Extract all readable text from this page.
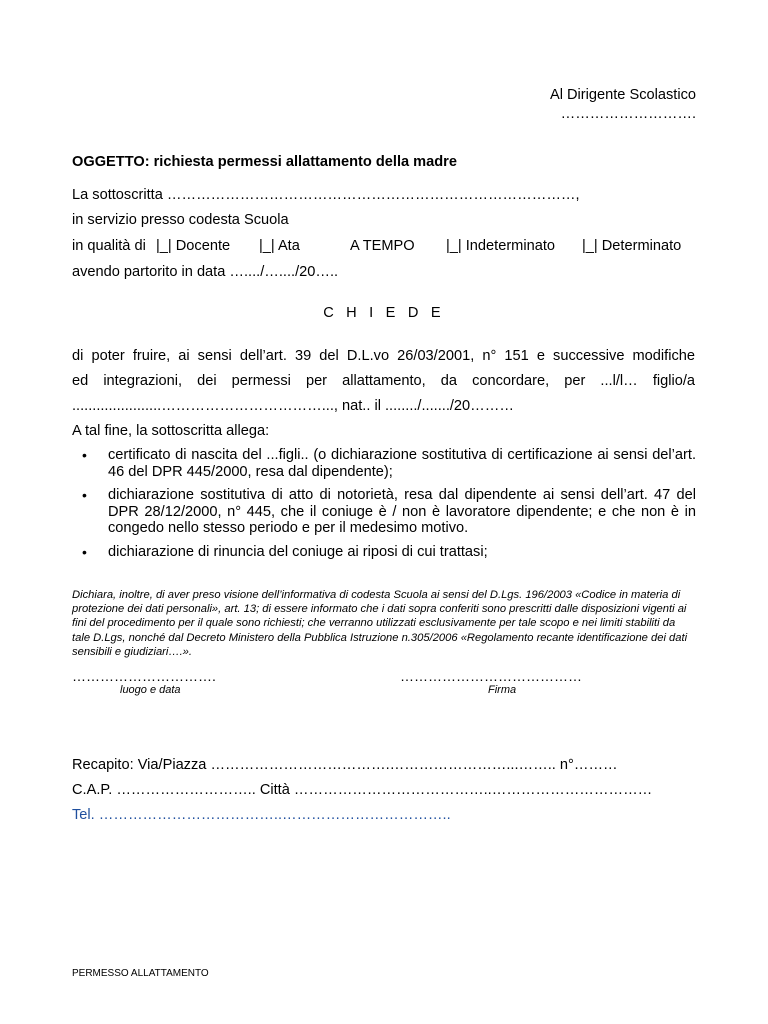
Al Dirigente Scolastico
……………………….
OGGETTO: richiesta permessi allattamento della madre
La sottoscritta …………………………………………………………………………,
in servizio presso codesta Scuola
in qualità di |_| Docente |_| Ata	A TEMPO |_| Indeterminato |_| Determinato
avendo partorito in data …..../…..../20…..
C H I E D E
di poter fruire, ai sensi dell’art. 39 del D.L.vo 26/03/2001, n° 151 e successive modifiche
ed integrazioni, dei permessi per allattamento, da concordare, per ...l/l… figlio/a
......................……………………………..., nat.. il ......../......./20………
A tal fine, la sottoscritta allega:
• certificato di nascita del ...figli.. (o dichiarazione sostitutiva di certificazione ai sensi del’art. 46 del DPR 445/2000, resa dal dipendente);
• dichiarazione sostitutiva di atto di notorietà, resa dal dipendente ai sensi dell’art. 47 del DPR 28/12/2000, n° 445, che il coniuge è / non è lavoratore dipendente; e che non è in congedo nello stesso periodo e per il medesimo motivo.
• dichiarazione di rinuncia del coniuge ai riposi di cui trattasi;
Dichiara, inoltre, di aver preso visione dell’informativa di codesta Scuola ai sensi del D.Lgs. 196/2003 «Codice in materia di protezione dei dati personali», art. 13; di essere informato che i dati sopra conferiti sono prescritti dalle disposizioni vigenti ai fini del procedimento per il quale sono richiesti; che verranno utilizzati esclusivamente per tale scopo e nei limiti stabiliti da tale D.Lgs, nonché dal Decreto Ministero della Pubblica Istruzione n.305/2006 «Regolamento recante identificazione dei dati sensibili e giudiziari….».
………………………….
luogo e data
…………………………………
Firma
Recapito: Via/Piazza ……………………………….……………………...…….. n°………
C.A.P. ……………………….. Città …………………………………..……………………………
Tel. ………………………………..……………………………..
PERMESSO ALLATTAMENTO
